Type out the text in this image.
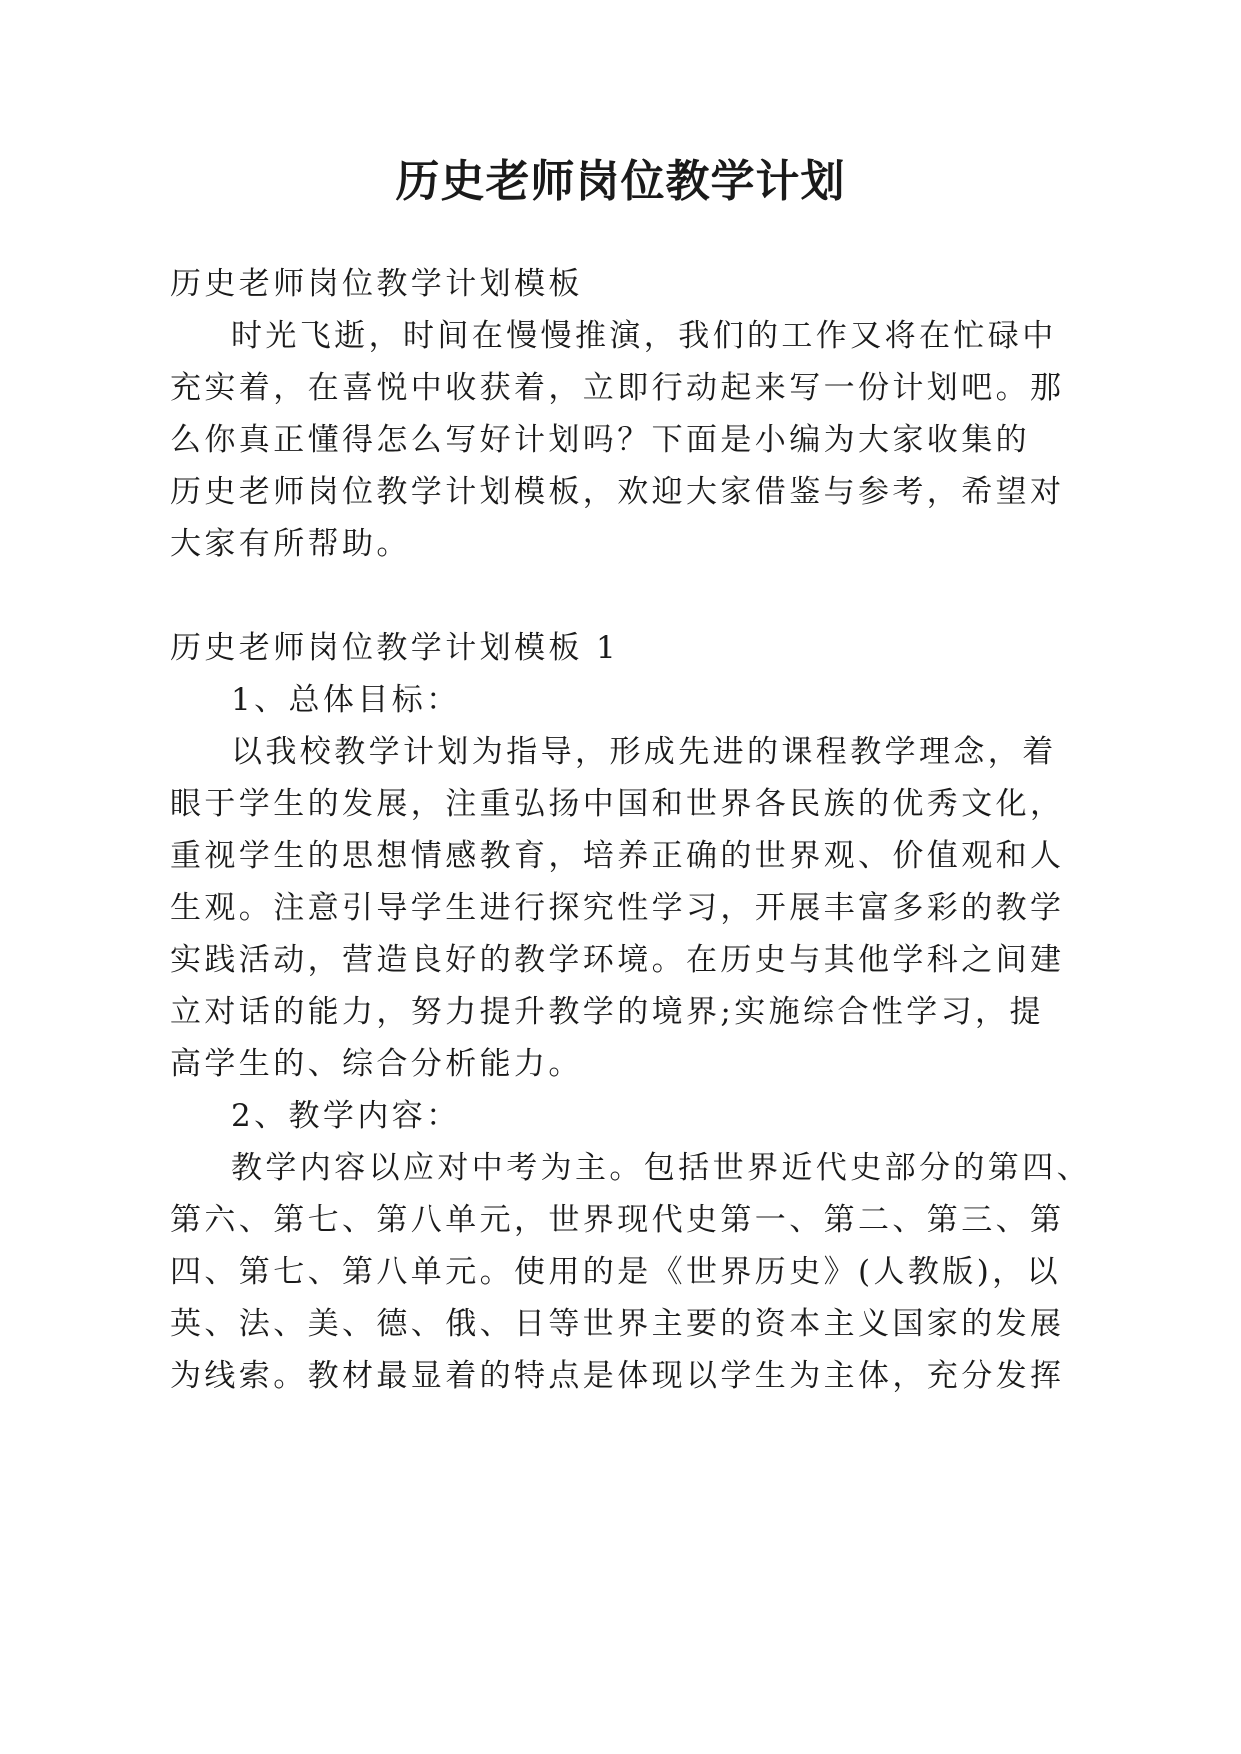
历史老师岗位教学计划
历史老师岗位教学计划模板
时光飞逝，时间在慢慢推演，我们的工作又将在忙碌中
充实着，在喜悦中收获着，立即行动起来写一份计划吧。那
么你真正懂得怎么写好计划吗？下面是小编为大家收集的
历史老师岗位教学计划模板，欢迎大家借鉴与参考，希望对
大家有所帮助。
历史老师岗位教学计划模板 1
1、总体目标：
以我校教学计划为指导，形成先进的课程教学理念，着
眼于学生的发展，注重弘扬中国和世界各民族的优秀文化，
重视学生的思想情感教育，培养正确的世界观、价值观和人
生观。注意引导学生进行探究性学习，开展丰富多彩的教学
实践活动，营造良好的教学环境。在历史与其他学科之间建
立对话的能力，努力提升教学的境界;实施综合性学习，提
高学生的、综合分析能力。
2、教学内容：
教学内容以应对中考为主。包括世界近代史部分的第四、
第六、第七、第八单元，世界现代史第一、第二、第三、第
四、第七、第八单元。使用的是《世界历史》(人教版)，以
英、法、美、德、俄、日等世界主要的资本主义国家的发展
为线索。教材最显着的特点是体现以学生为主体，充分发挥
